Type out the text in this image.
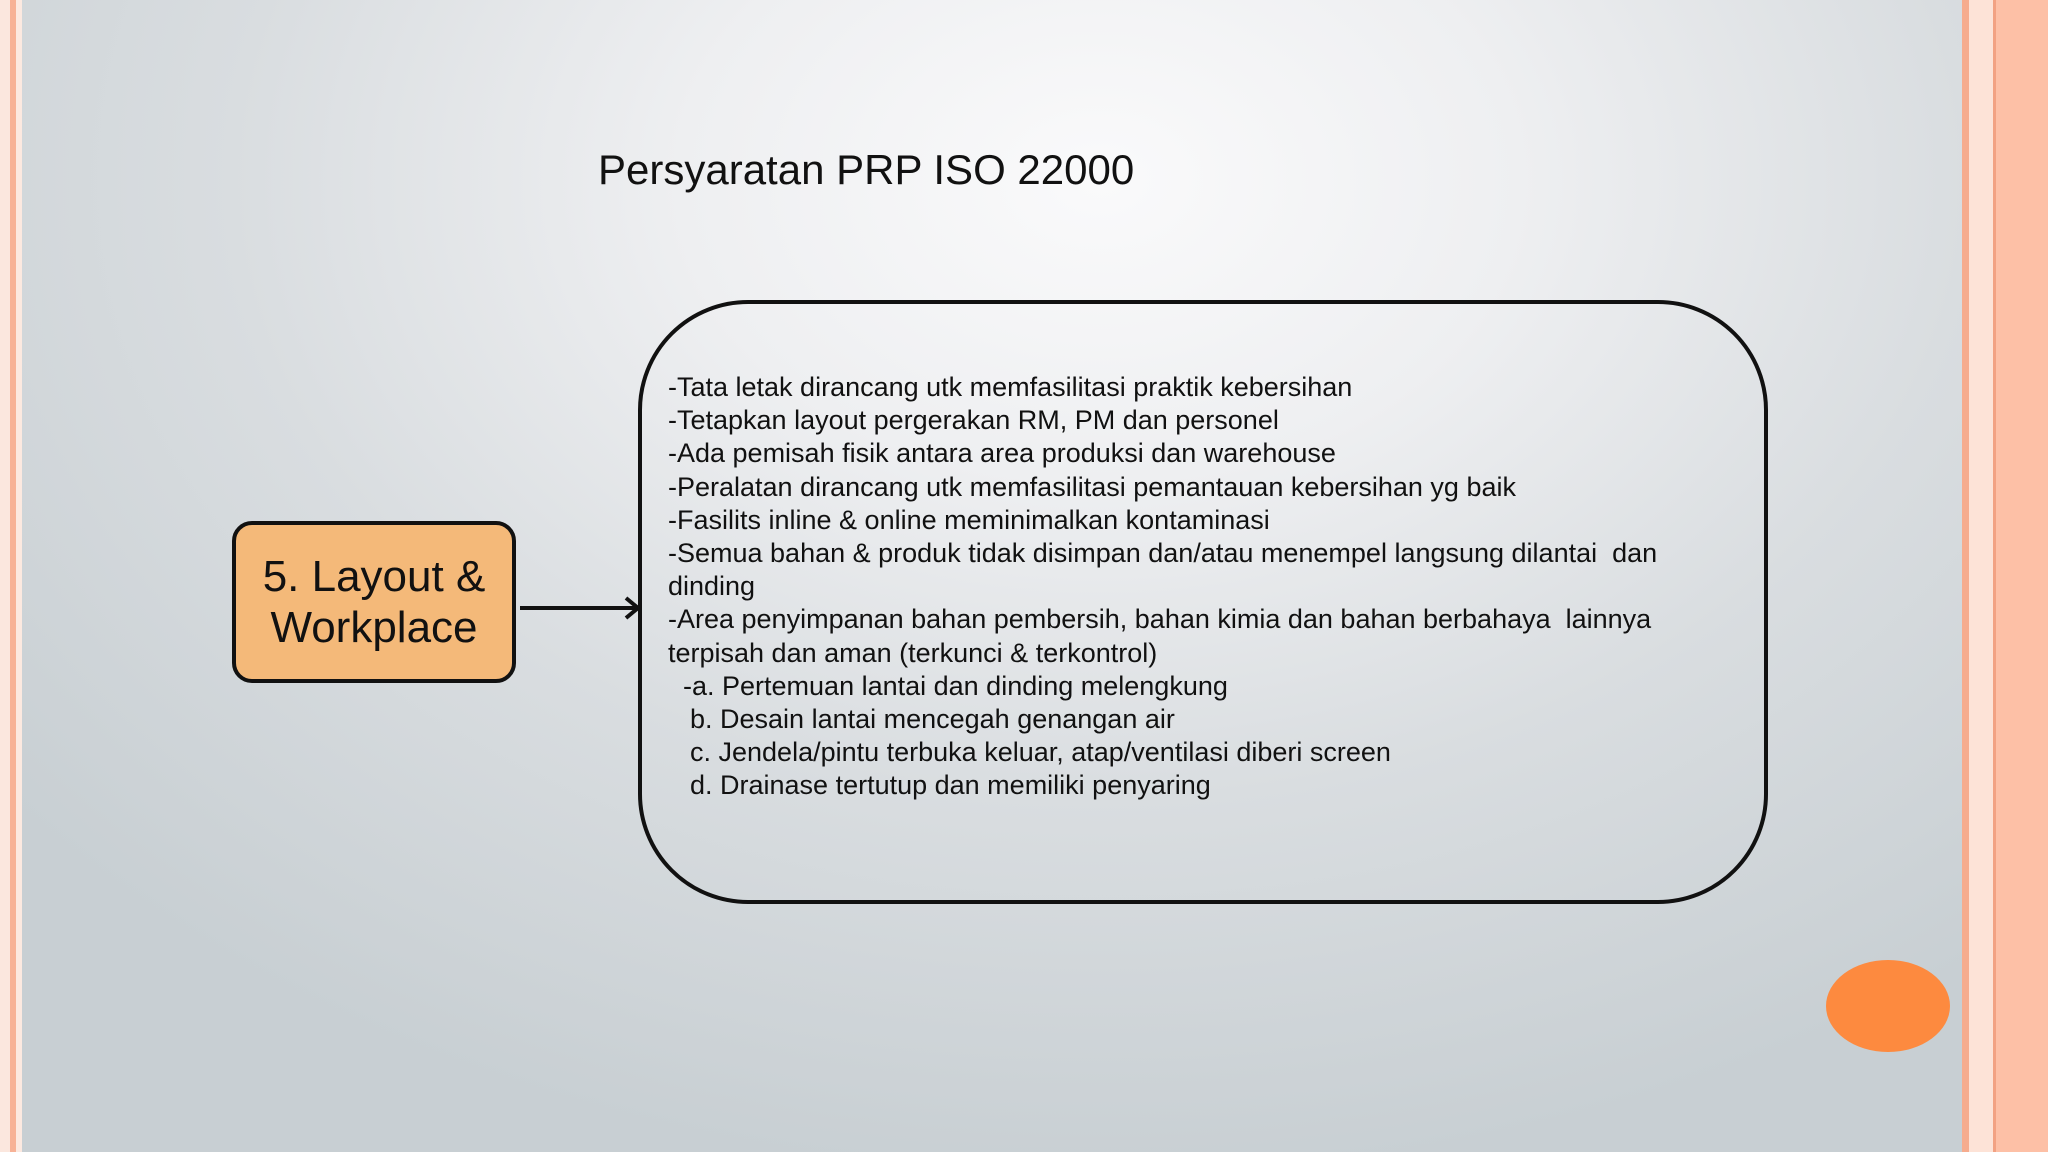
Persyaratan PRP ISO 22000
5. Layout &
Workplace
-Tata letak dirancang utk memfasilitasi praktik kebersihan
-Tetapkan layout pergerakan RM, PM dan personel
-Ada pemisah fisik antara area produksi dan warehouse
-Peralatan dirancang utk memfasilitasi pemantauan kebersihan yg baik
-Fasilits inline & online meminimalkan kontaminasi
-Semua bahan & produk tidak disimpan dan/atau menempel langsung dilantai  dan
dinding
-Area penyimpanan bahan pembersih, bahan kimia dan bahan berbahaya  lainnya
terpisah dan aman (terkunci & terkontrol)
-a. Pertemuan lantai dan dinding melengkung
b. Desain lantai mencegah genangan air
c. Jendela/pintu terbuka keluar, atap/ventilasi diberi screen
d. Drainase tertutup dan memiliki penyaring
